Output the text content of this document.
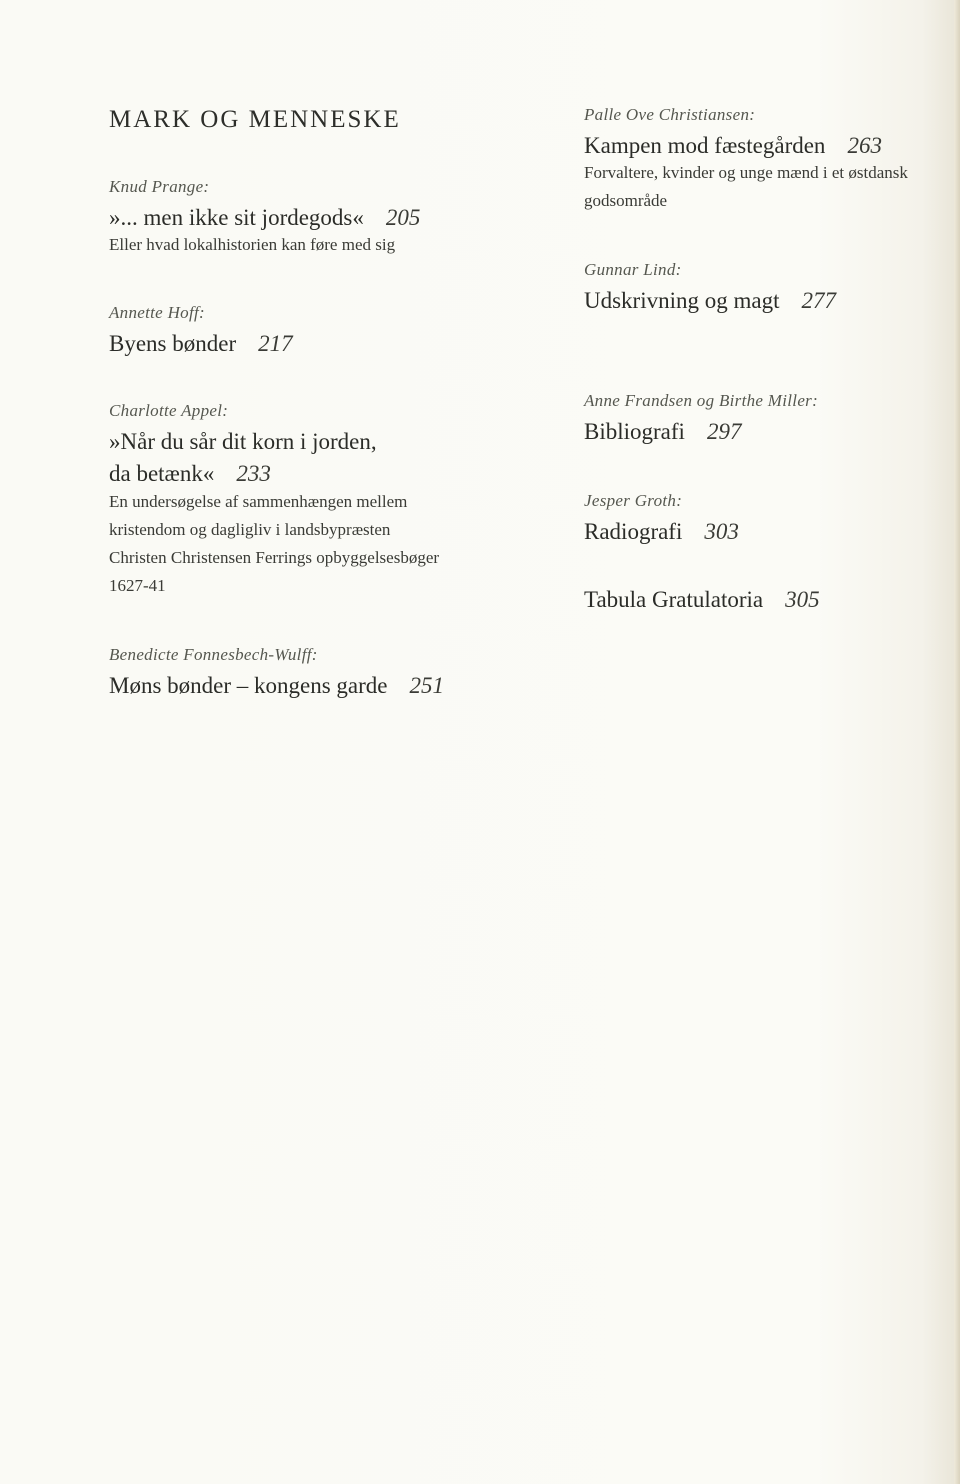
MARK OG MENNESKE
Knud Prange:
»... men ikke sit jordegods« 205
Eller hvad lokalhistorien kan føre med sig
Annette Hoff:
Byens bønder 217
Charlotte Appel:
»Når du sår dit korn i jorden,
da betænk« 233
En undersøgelse af sammenhængen mellem
kristendom og dagligliv i landsbypræsten
Christen Christensen Ferrings opbyggelsesbøger
1627-41
Benedicte Fonnesbech-Wulff:
Møns bønder – kongens garde 251
Palle Ove Christiansen:
Kampen mod fæstegården 263
Forvaltere, kvinder og unge mænd i et østdansk
godsområde
Gunnar Lind:
Udskrivning og magt 277
Anne Frandsen og Birthe Miller:
Bibliografi 297
Jesper Groth:
Radiografi 303
Tabula Gratulatoria 305
